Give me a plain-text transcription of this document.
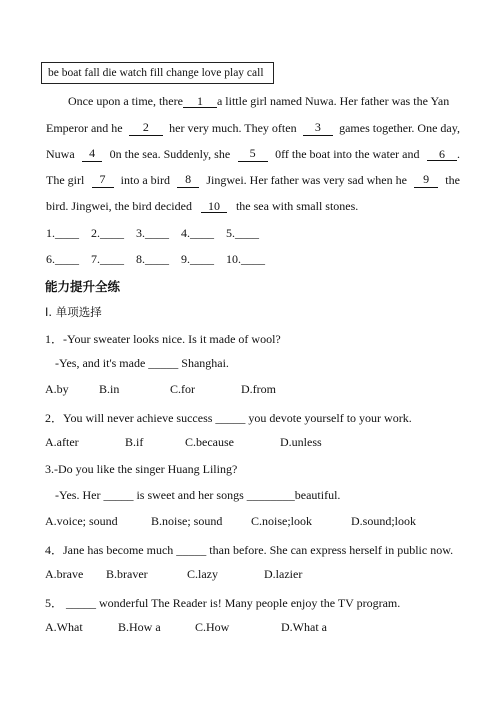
be boat fall die watch fill change love play call
Once upon a time, there 1 a little girl named Nuwa. Her father was the Yan
Emperor and he	2	her very much. They often	3	games together. One day,
Nuwa	4	0n the sea. Suddenly, she	5	0ff the boat into the water and	6 .
The girl	7	into a bird	8	Jingwei. Her father was very sad when he	9	the
bird. Jingwei, the bird decided 10 the sea with small stones.
1.____ 2.____ 3.____ 4.____ 5.____
6.____ 7.____ 8.____ 9.____ 10.____
能力提升全练
I. 单项选择
1．-Your sweater looks nice. Is it made of wool?
-Yes, and it's made _____ Shanghai.
A.by	B.in	C.for	D.from
2．You will never achieve success _____ you devote yourself to your work.
A.after	B.if	C.because	D.unless
3.-Do you like the singer Huang Liling?
-Yes. Her _____ is sweet and her songs ________beautiful.
A.voice; sound	B.noise; sound C.noise;look	D.sound;look
4．Jane has become much _____ than before. She can express herself in public now.
A.brave B.braver	C.lazy	D.lazier
5． _____ wonderful The Reader is! Many people enjoy the TV program.
A.What	B.How a	C.How	D.What a
